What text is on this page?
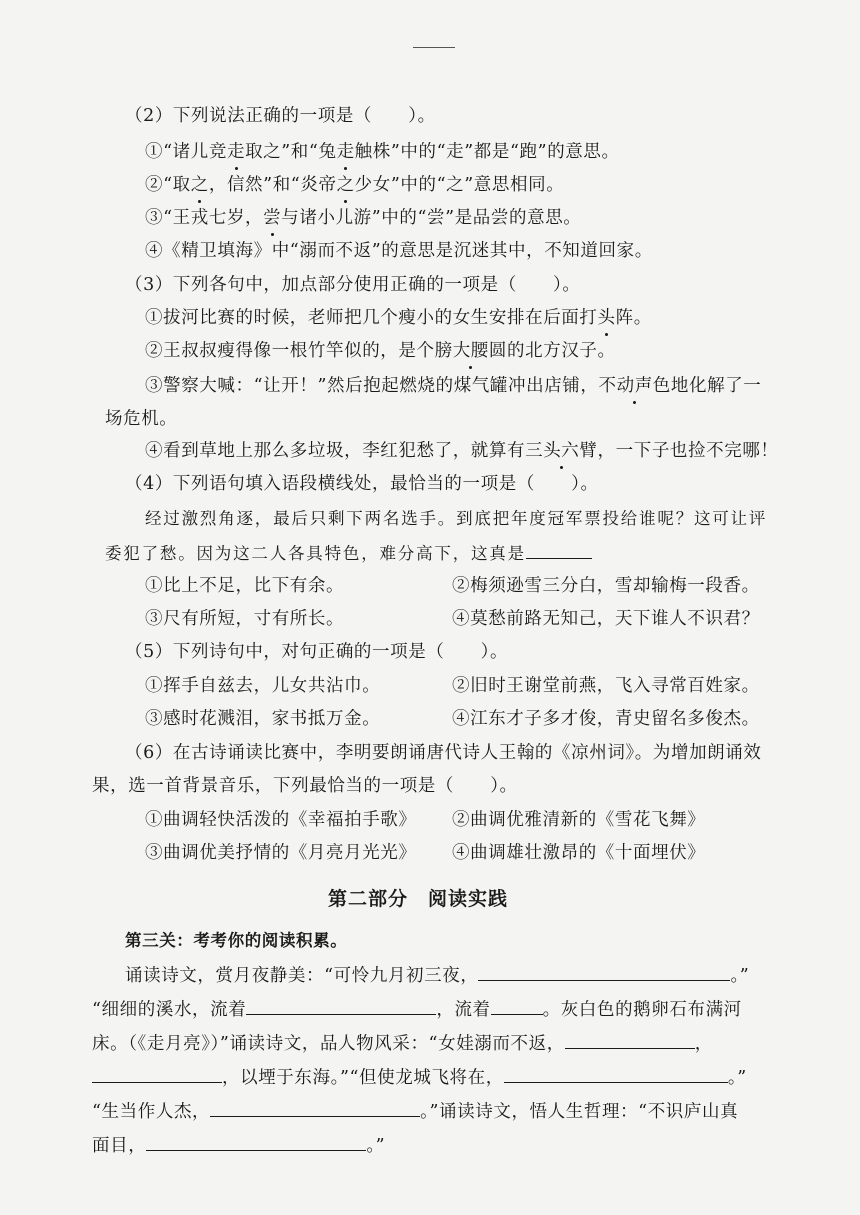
（2）下列说法正确的一项是（　　）。
①“诸儿竞走取之”和“兔走触株”中的“走”都是“跑”的意思。
②“取之，信然”和“炎帝之少女”中的“之”意思相同。
③“王戎七岁，尝与诸小儿游”中的“尝”是品尝的意思。
④《精卫填海》中“溺而不返”的意思是沉迷其中，不知道回家。
（3）下列各句中，加点部分使用正确的一项是（　　）。
①拔河比赛的时候，老师把几个瘦小的女生安排在后面打头阵。
②王叔叔瘦得像一根竹竿似的，是个膀大腰圆的北方汉子。
③警察大喊：“让开！”然后抱起燃烧的煤气罐冲出店铺，不动声色地化解了一
场危机。
④看到草地上那么多垃圾，李红犯愁了，就算有三头六臂，一下子也捡不完哪！
（4）下列语句填入语段横线处，最恰当的一项是（　　）。
经过激烈角逐，最后只剩下两名选手。到底把年度冠军票投给谁呢？这可让评
委犯了愁。因为这二人各具特色，难分高下，这真是
①比上不足，比下有余。	②梅须逊雪三分白，雪却输梅一段香。
③尺有所短，寸有所长。	④莫愁前路无知己，天下谁人不识君？
（5）下列诗句中，对句正确的一项是（　　）。
①挥手自兹去，儿女共沾巾。	②旧时王谢堂前燕，飞入寻常百姓家。
③感时花溅泪，家书抵万金。	④江东才子多才俊，青史留名多俊杰。
（6）在古诗诵读比赛中，李明要朗诵唐代诗人王翰的《凉州词》。为增加朗诵效
果，选一首背景音乐，下列最恰当的一项是（　　）。
①曲调轻快活泼的《幸福拍手歌》 ②曲调优雅清新的《雪花飞舞》
③曲调优美抒情的《月亮月光光》 ④曲调雄壮激昂的《十面埋伏》
第二部分　阅读实践
第三关：考考你的阅读积累。
诵读诗文，赏月夜静美：“可怜九月初三夜，	。”
“细细的溪水，流着	，流着	。灰白色的鹅卵石布满河
床。（《走月亮》）”诵读诗文，品人物风采：“女娃溺而不返，	，
，以堙于东海。”“但使龙城飞将在，	。”
“生当作人杰，	。”诵读诗文，悟人生哲理：“不识庐山真
面目，	。”
